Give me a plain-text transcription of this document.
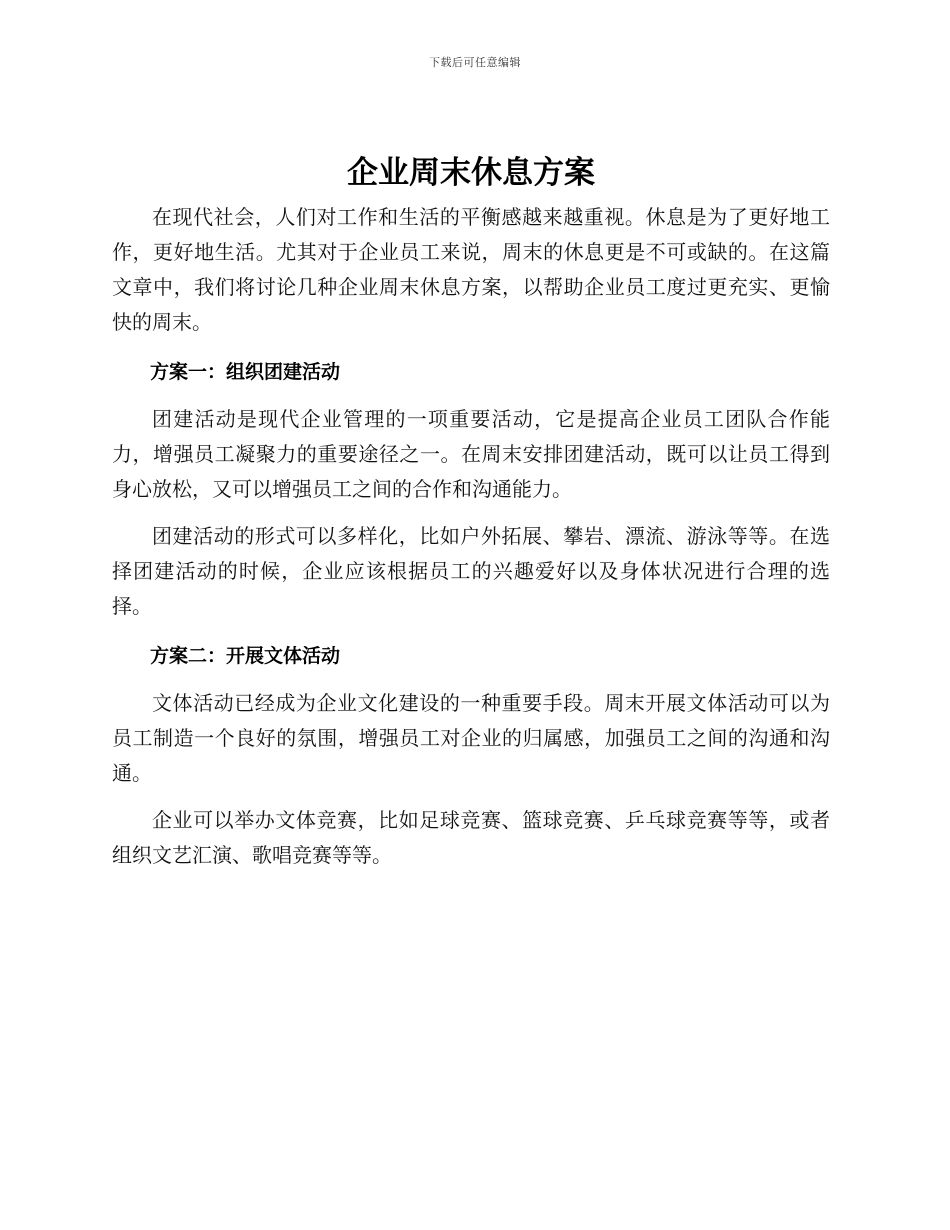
下载后可任意编辑
企业周末休息方案

在现代社会，人们对工作和生活的平衡感越来越重视。休息是为了更好地工作，更好地生活。尤其对于企业员工来说，周末的休息更是不可或缺的。在这篇文章中，我们将讨论几种企业周末休息方案，以帮助企业员工度过更充实、更愉快的周末。

方案一：组织团建活动

团建活动是现代企业管理的一项重要活动，它是提高企业员工团队合作能力，增强员工凝聚力的重要途径之一。在周末安排团建活动，既可以让员工得到身心放松，又可以增强员工之间的合作和沟通能力。

团建活动的形式可以多样化，比如户外拓展、攀岩、漂流、游泳等等。在选择团建活动的时候，企业应该根据员工的兴趣爱好以及身体状况进行合理的选择。

方案二：开展文体活动

文体活动已经成为企业文化建设的一种重要手段。周末开展文体活动可以为员工制造一个良好的氛围，增强员工对企业的归属感，加强员工之间的沟通和沟通。

企业可以举办文体竞赛，比如足球竞赛、篮球竞赛、乒乓球竞赛等等，或者组织文艺汇演、歌唱竞赛等等。
